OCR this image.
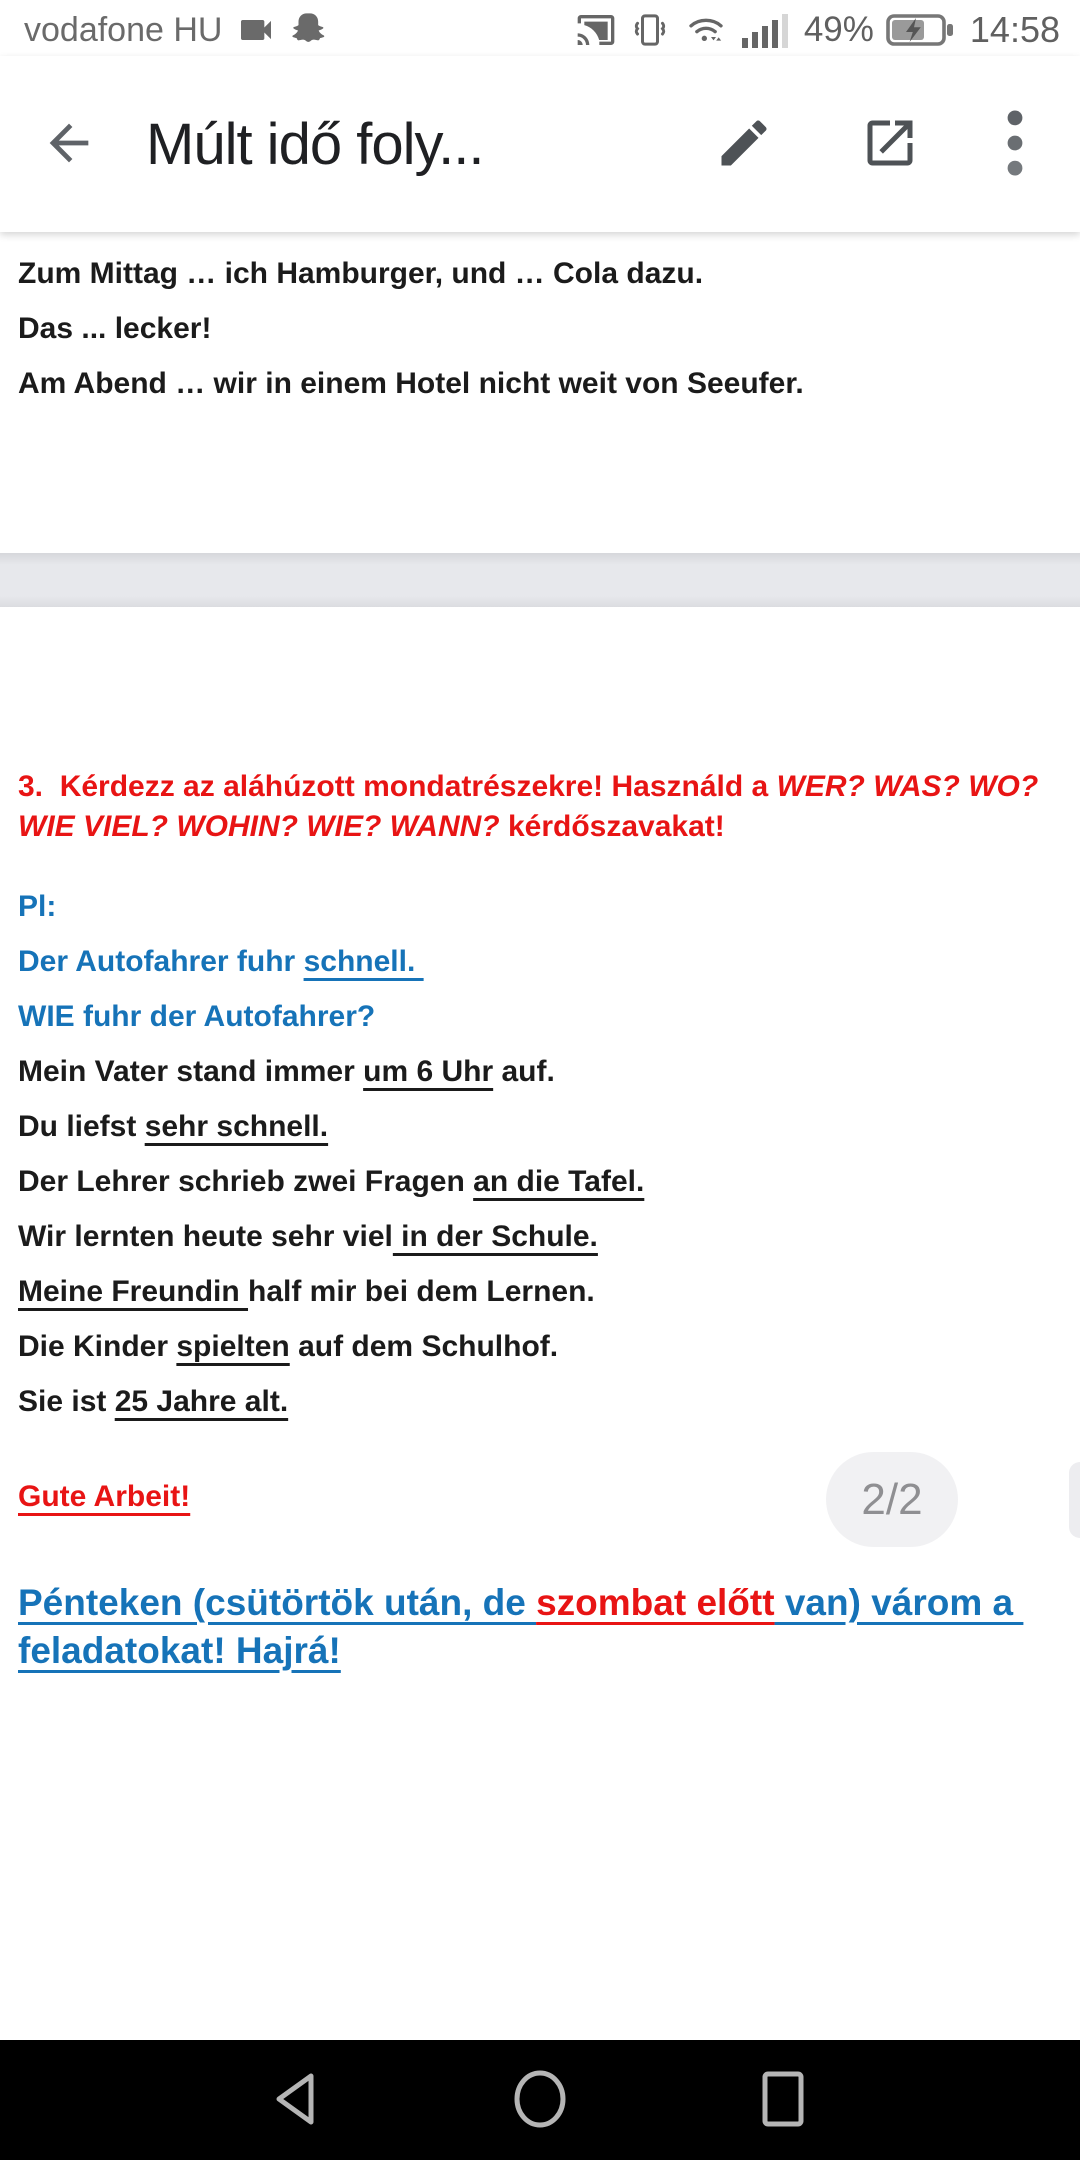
vodafone HU	49%	14:58
Múlt idő foly...

Zum Mittag … ich Hamburger, und … Cola dazu.

Das ... lecker!

Am Abend … wir in einem Hotel nicht weit von Seeufer.

3.  Kérdezz az aláhúzott mondatrészekre! Használd a WER? WAS? WO? WIE VIEL? WOHIN? WIE? WANN? kérdőszavakat!

Pl:

Der Autofahrer fuhr schnell.

WIE fuhr der Autofahrer?

Mein Vater stand immer um 6 Uhr auf.

Du liefst sehr schnell.

Der Lehrer schrieb zwei Fragen an die Tafel.

Wir lernten heute sehr viel in der Schule.

Meine Freundin half mir bei dem Lernen.

Die Kinder spielten auf dem Schulhof.

Sie ist 25 Jahre alt.

Gute Arbeit!

Pénteken (csütörtök után, de szombat előtt van) várom a feladatokat! Hajrá!

2/2
